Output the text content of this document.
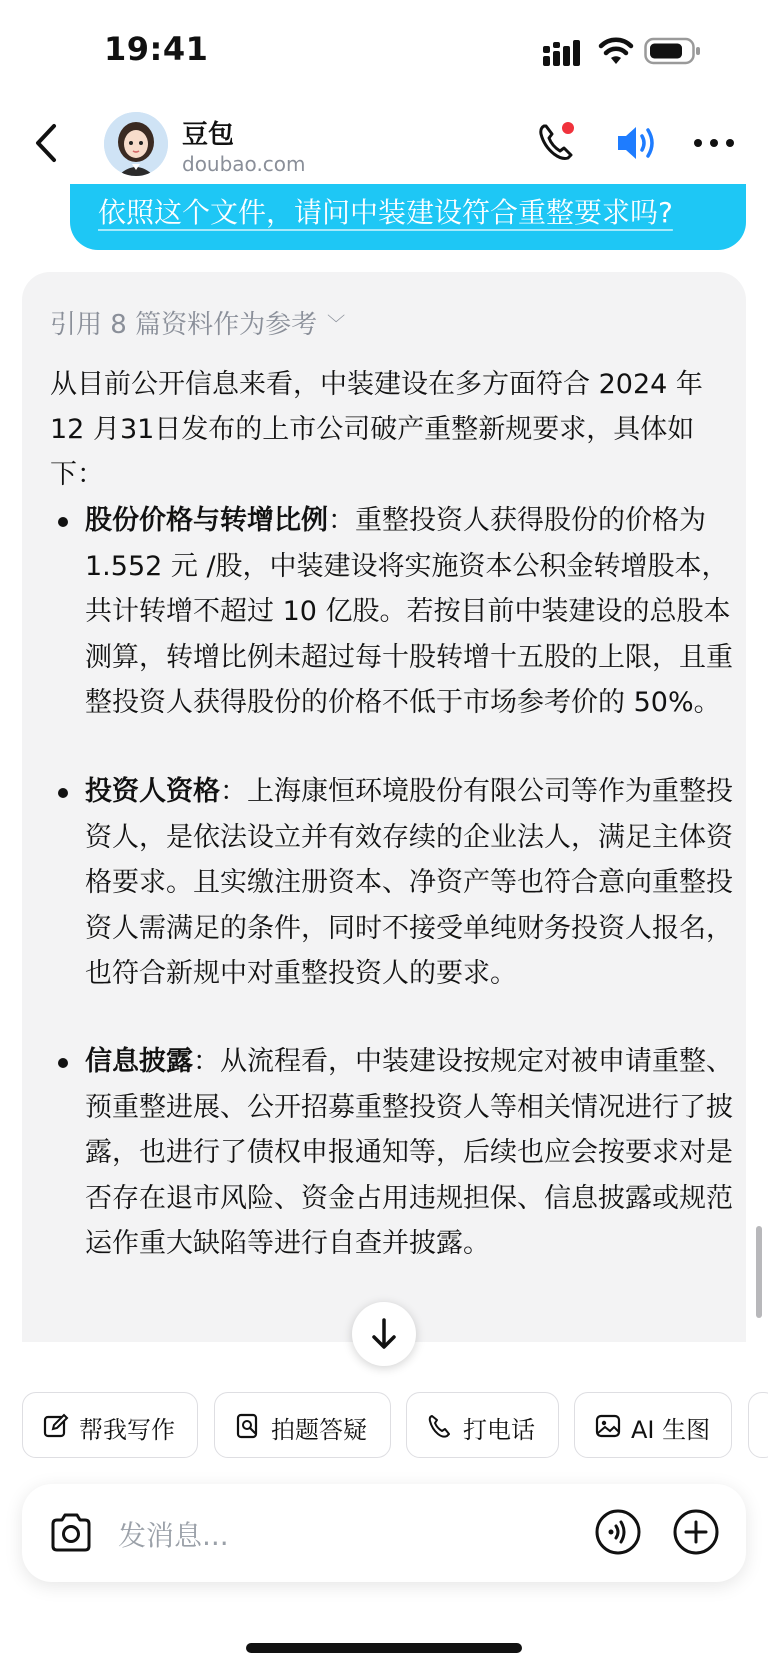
19:41
豆包
doubao.com
依照这个文件，请问中装建设符合重整要求吗?
引用 8 篇资料作为参考 ﹀
从目前公开信息来看，中装建设在多方面符合 2024 年 12 月31日发布的上市公司破产重整新规要求，具体如下：
股份价格与转增比例：重整投资人获得股份的价格为 1.552 元 /股，中装建设将实施资本公积金转增股本，共计转增不超过 10 亿股。若按目前中装建设的总股本测算，转增比例未超过每十股转增十五股的上限，且重整投资人获得股份的价格不低于市场参考价的 50%。
投资人资格：上海康恒环境股份有限公司等作为重整投资人，是依法设立并有效存续的企业法人，满足主体资格要求。且实缴注册资本、净资产等也符合意向重整投资人需满足的条件，同时不接受单纯财务投资人报名，也符合新规中对重整投资人的要求。
信息披露：从流程看，中装建设按规定对被申请重整、预重整进展、公开招募重整投资人等相关情况进行了披露，也进行了债权申报通知等，后续也应会按要求对是否存在退市风险、资金占用违规担保、信息披露或规范运作重大缺陷等进行自查并披露。
帮我写作	拍题答疑	打电话	AI 生图
发消息...
